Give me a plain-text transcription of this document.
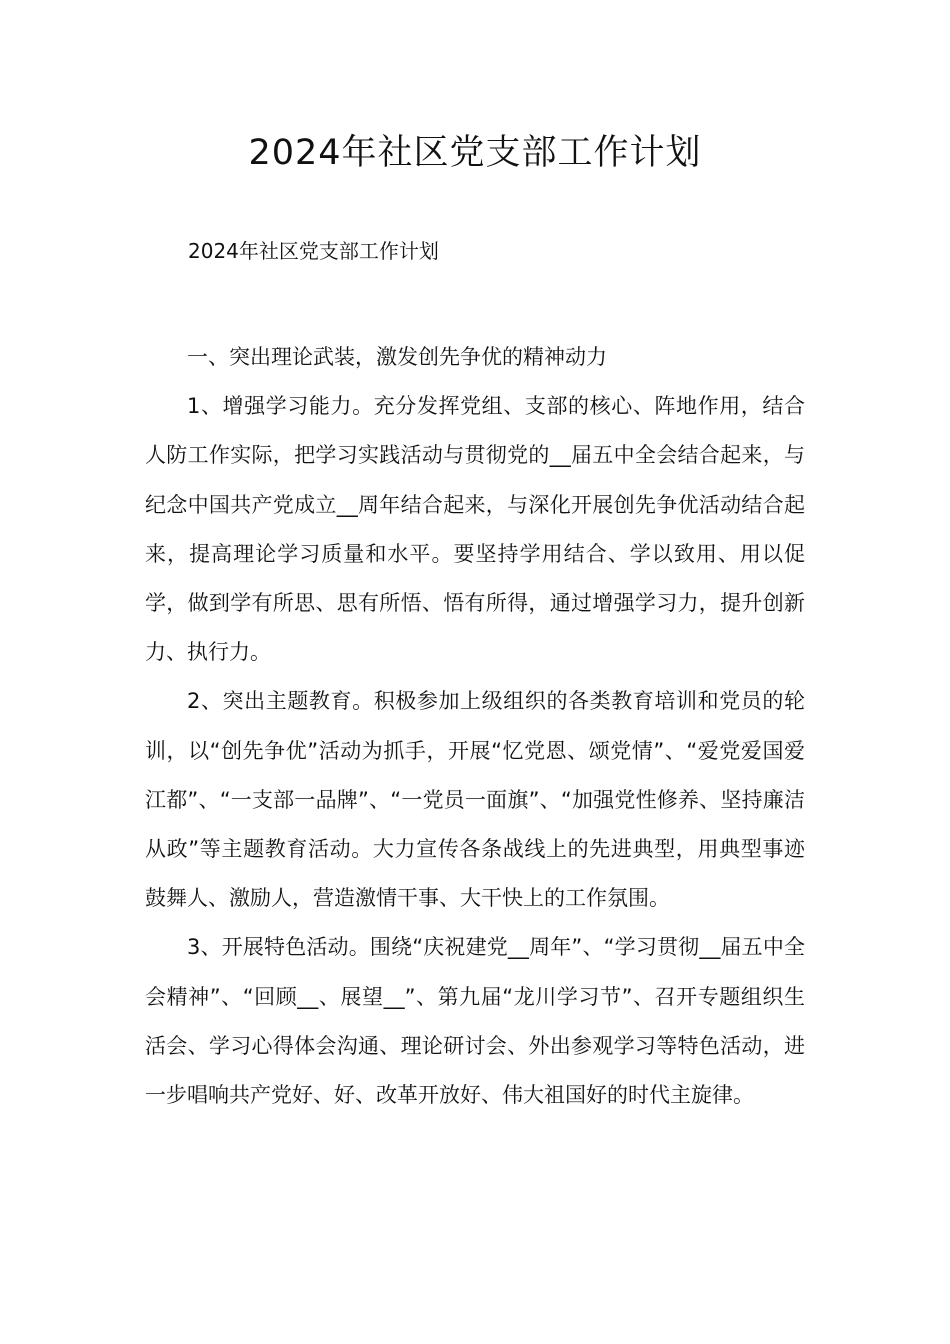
2024年社区党支部工作计划

2024年社区党支部工作计划

一、突出理论武装，激发创先争优的精神动力

1、增强学习能力。充分发挥党组、支部的核心、阵地作用，结合人防工作实际，把学习实践活动与贯彻党的__届五中全会结合起来，与纪念中国共产党成立__周年结合起来，与深化开展创先争优活动结合起来，提高理论学习质量和水平。要坚持学用结合、学以致用、用以促学，做到学有所思、思有所悟、悟有所得，通过增强学习力，提升创新力、执行力。

2、突出主题教育。积极参加上级组织的各类教育培训和党员的轮训，以“创先争优”活动为抓手，开展“忆党恩、颂党情”、“爱党爱国爱江都”、“一支部一品牌”、“一党员一面旗”、“加强党性修养、坚持廉洁从政”等主题教育活动。大力宣传各条战线上的先进典型，用典型事迹鼓舞人、激励人，营造激情干事、大干快上的工作氛围。

3、开展特色活动。围绕“庆祝建党__周年”、“学习贯彻__届五中全会精神”、“回顾__、展望__”、第九届“龙川学习节”、召开专题组织生活会、学习心得体会沟通、理论研讨会、外出参观学习等特色活动，进一步唱响共产党好、好、改革开放好、伟大祖国好的时代主旋律。
